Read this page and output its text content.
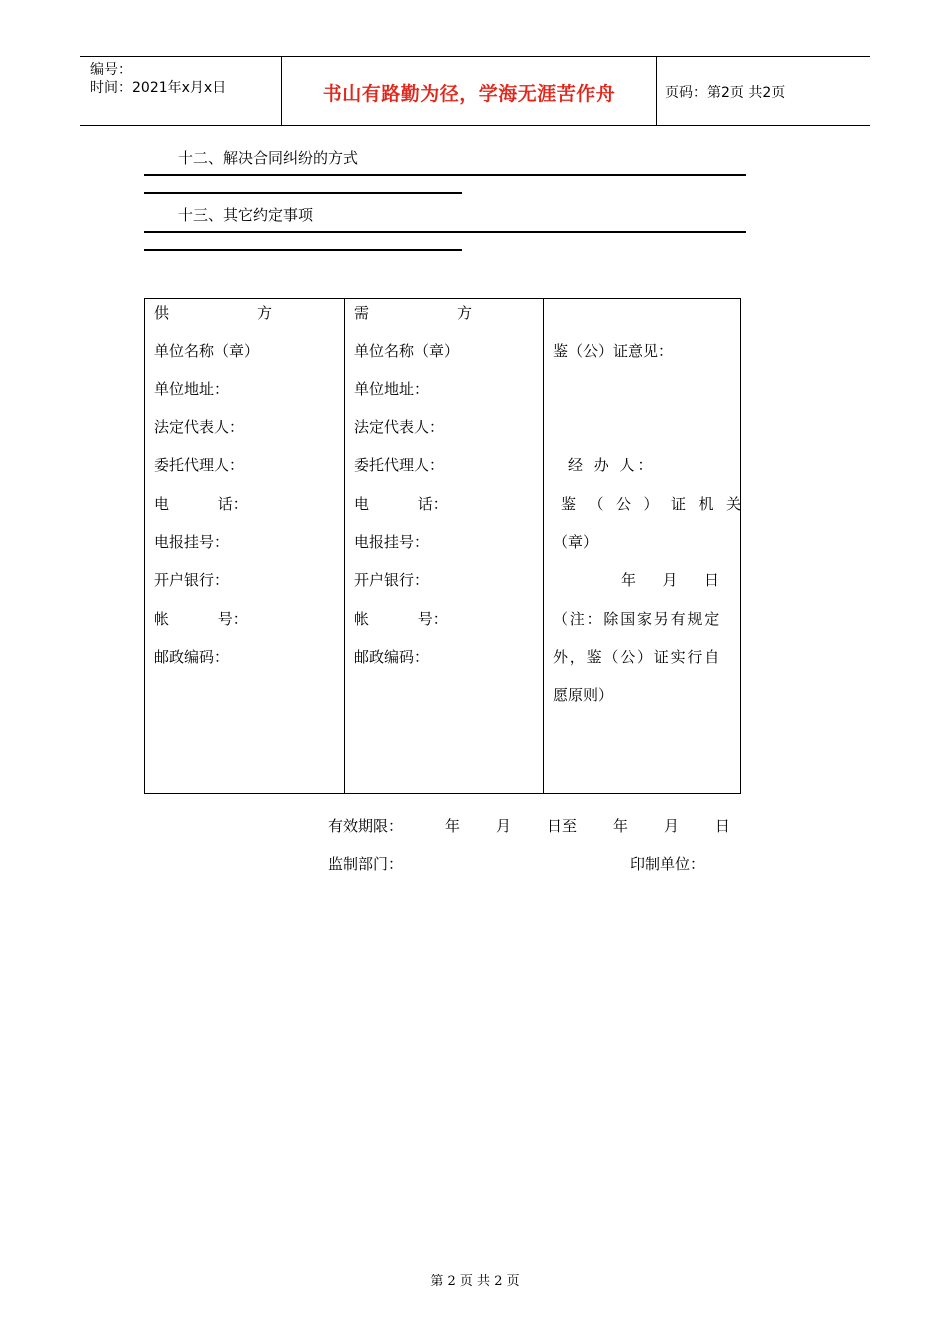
编号：
时间：2021年x月x日	书山有路勤为径，学海无涯苦作舟	页码：第2页 共2页
十二、解决合同纠纷的方式
十三、其它约定事项
供	方
单位名称（章）
单位地址：
法定代表人：
委托代理人：
电 话：
电报挂号：
开户银行：
帐 号：
邮政编码：
需	方
单位名称（章）
单位地址：
法定代表人：
委托代理人：
电 话：
电报挂号：
开户银行：
帐 号：
邮政编码：
鉴（公）证意见：
经 办 人：
鉴（公）证机关
（章）
年 月 日
（注：除国家另有规定
外，鉴（公）证实行自
愿原则）
有效期限：	年 月 日至 年 月 日
监制部门：	印制单位：
第 2 页 共 2 页
